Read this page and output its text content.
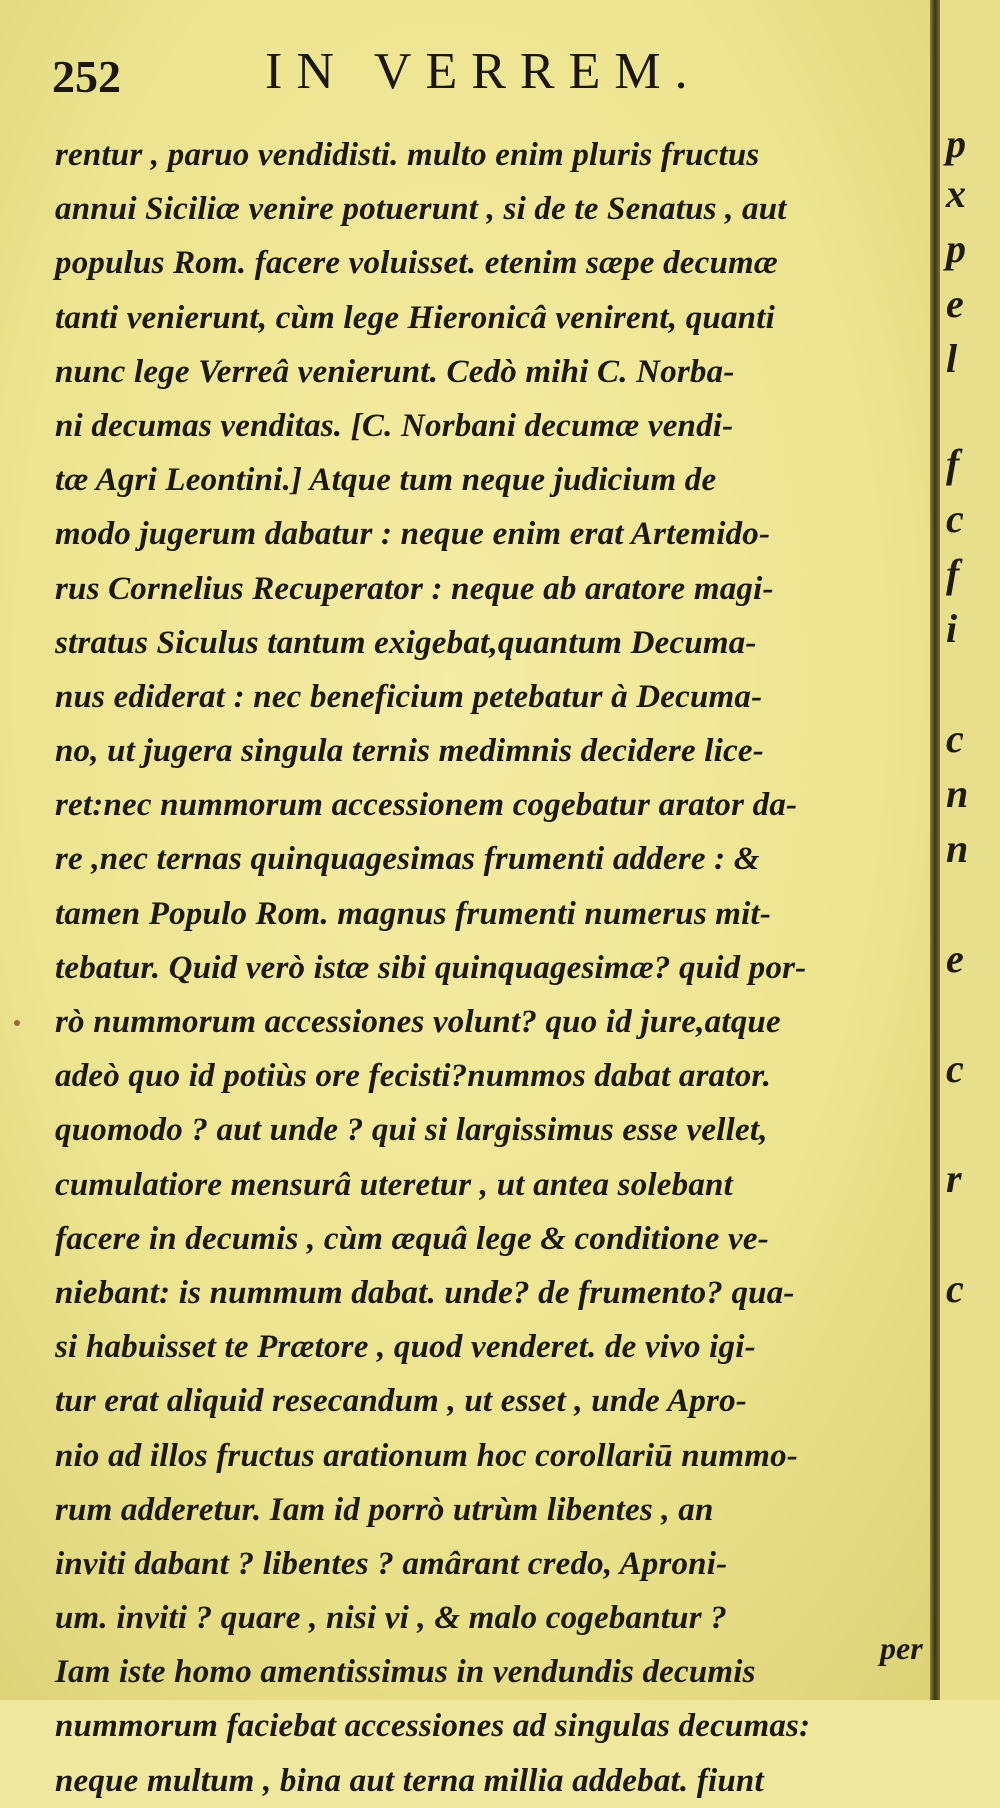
252	IN VERREM.
rentur , paruo vendidisti. multo enim pluris fructus
annui Siciliæ venire potuerunt , si de te Senatus , aut
populus Rom. facere voluisset. etenim sæpe decumæ
tanti venierunt, cùm lege Hieronicâ venirent, quanti
nunc lege Verreâ venierunt. Cedò mihi C. Norba-
ni decumas venditas. [C. Norbani decumæ vendi-
tæ Agri Leontini.] Atque tum neque judicium de
modo jugerum dabatur : neque enim erat Artemido-
rus Cornelius Recuperator : neque ab aratore magi-
stratus Siculus tantum exigebat,quantum Decuma-
nus ediderat : nec beneficium petebatur à Decuma-
no, ut jugera singula ternis medimnis decidere lice-
ret:nec nummorum accessionem cogebatur arator da-
re ,nec ternas quinquagesimas frumenti addere : &
tamen Populo Rom. magnus frumenti numerus mit-
tebatur. Quid verò istæ sibi quinquagesimæ? quid por-
rò nummorum accessiones volunt? quo id jure,atque
adeò quo id potiùs ore fecisti?nummos dabat arator.
quomodo ? aut unde ? qui si largissimus esse vellet,
cumulatiore mensurâ uteretur , ut antea solebant
facere in decumis , cùm æquâ lege & conditione ve-
niebant: is nummum dabat. unde? de frumento? qua-
si habuisset te Prætore , quod venderet. de vivo igi-
tur erat aliquid resecandum , ut esset , unde Apro-
nio ad illos fructus arationum hoc corollariū nummo-
rum adderetur. Iam id porrò utrùm libentes , an
inviti dabant ? libentes ? amârant credo, Aproni-
um. inviti ? quare , nisi vi , & malo cogebantur ?
Iam iste homo amentissimus in vendundis decumis
nummorum faciebat accessiones ad singulas decumas:
neque multum , bina aut terna millia addebat. fiunt
per
p
x
p
e
l
f
c
f
i
c
n
n
e
c
r
c
